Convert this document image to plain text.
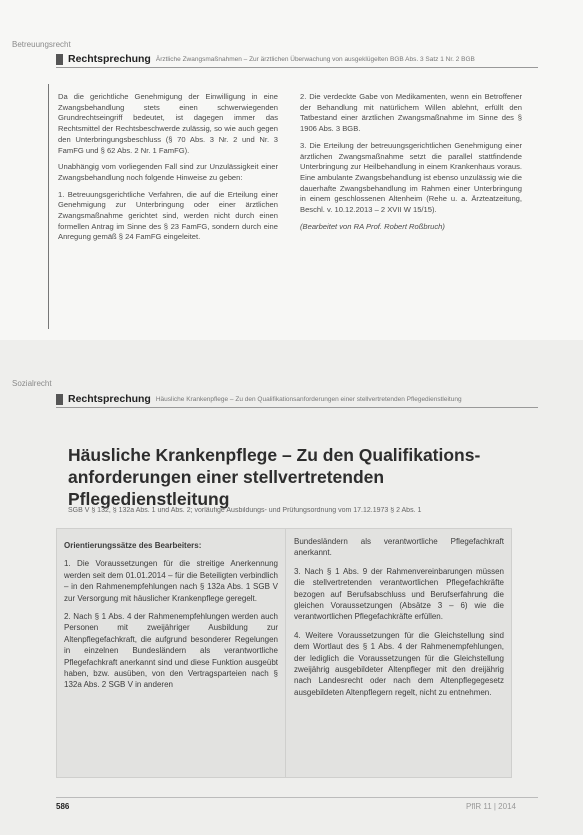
Betreuungsrecht
Rechtsprechung Ärztliche Zwangsmaßnahmen – Zur ärztlichen Überwachung von ausgeklügelten BGB Abs. 3 Satz 1 Nr. 2 BGB

Da die gerichtliche Genehmigung der Einwilligung in eine Zwangsbehandlung stets einen schwerwiegenden Grundrechtseingriff bedeutet, ist dagegen immer das Rechtsmittel der Rechtsbeschwerde zulässig, so wie auch gegen den Unterbringungsbeschluss (§ 70 Abs. 3 Nr. 2 und Nr. 3 FamFG und § 62 Abs. 2 Nr. 1 FamFG).

Unabhängig vom vorliegenden Fall sind zur Unzulässigkeit einer Zwangsbehandlung noch folgende Hinweise zu geben:

1. Betreuungsgerichtliche Verfahren, die auf die Erteilung einer Genehmigung zur Unterbringung oder einer ärztlichen Zwangsmaßnahme gerichtet sind, werden nicht durch einen formellen Antrag im Sinne des § 23 FamFG, sondern durch eine Anregung gemäß § 24 FamFG eingeleitet.

2. Die verdeckte Gabe von Medikamenten, wenn ein Betroffener der Behandlung mit natürlichem Willen ablehnt, erfüllt den Tatbestand einer ärztlichen Zwangsmaßnahme im Sinne des § 1906 Abs. 3 BGB.

3. Die Erteilung der betreuungsgerichtlichen Genehmigung einer ärztlichen Zwangsmaßnahme setzt die parallel stattfindende Unterbringung zur Heilbehandlung in einem Krankenhaus voraus. Eine ambulante Zwangsbehandlung ist ebenso unzulässig wie die dauerhafte Zwangsbehandlung im Rahmen einer Unterbringung in einem geschlossenen Altenheim (Rehe u. a. Ärzteatzeitung, Beschl. v. 10.12.2013 – 2 XVII W 15/15).

(Bearbeitet von RA Prof. Robert Roßbruch)

Sozialrecht
Rechtsprechung Häusliche Krankenpflege – Zu den Qualifikationsanforderungen einer stellvertretenden Pflegedienstleitung
Häusliche Krankenpflege – Zu den Qualifikations-
anforderungen einer stellvertretenden Pflegedienstleitung
SGB V § 132, § 132a Abs. 1 und Abs. 2; vorläufige Ausbildungs- und Prüfungsordnung vom 17.12.1973 § 2 Abs. 1

Orientierungssätze des Bearbeiters:

1. Die Voraussetzungen für die streitige Anerkennung werden seit dem 01.01.2014 – für die Beteiligten verbindlich – in den Rahmenempfehlungen nach § 132a Abs. 1 SGB V zur Versorgung mit häuslicher Krankenpflege geregelt.

2. Nach § 1 Abs. 4 der Rahmenempfehlungen werden auch Personen mit zweijähriger Ausbildung zur Altenpflegefachkraft, die aufgrund besonderer Regelungen in einzelnen Bundesländern als verantwortliche Pflegefachkraft anerkannt sind und diese Funktion ausgeübt haben, bzw. ausüben, von den Vertragsparteien nach § 132a Abs. 2 SGB V in anderen

Bundesländern als verantwortliche Pflegefachkraft anerkannt.

3. Nach § 1 Abs. 9 der Rahmenvereinbarungen müssen die stellvertretenden verantwortlichen Pflegefachkräfte bezogen auf Berufsabschluss und Berufserfahrung die gleichen Voraussetzungen (Absätze 3 – 6) wie die verantwortlichen Pflegefachkräfte erfüllen.

4. Weitere Voraussetzungen für die Gleichstellung sind dem Wortlaut des § 1 Abs. 4 der Rahmenempfehlungen, der lediglich die Voraussetzungen für die Gleichstellung zweijährig ausgebildeter Altenpfleger mit den dreijährig nach Landesrecht oder nach dem Altenpflegegesetz ausgebildeten Altenpflegern regelt, nicht zu entnehmen.

586	PflR 11 | 2014
